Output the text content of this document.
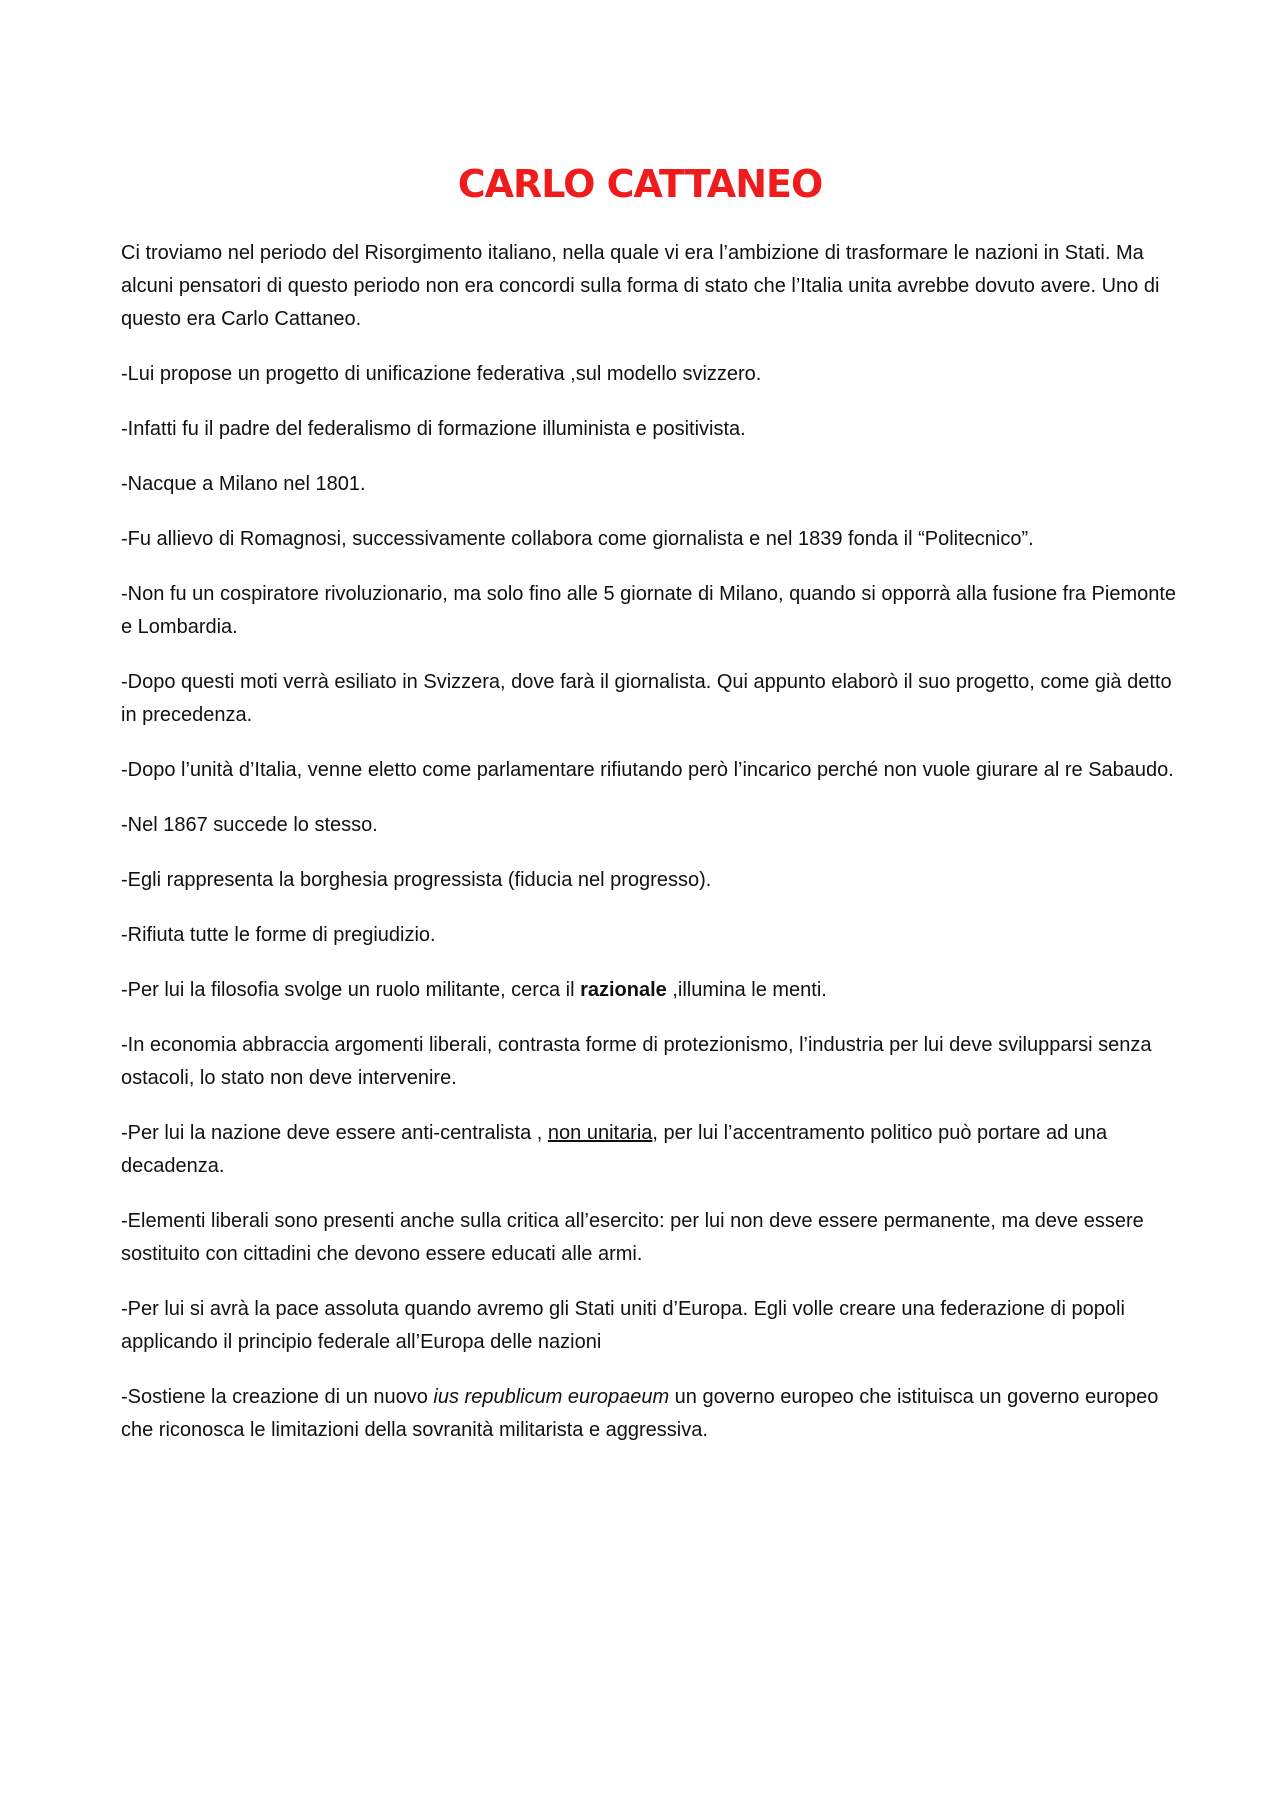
CARLO CATTANEO

Ci troviamo nel periodo del Risorgimento italiano, nella quale vi era l’ambizione di trasformare le nazioni in Stati. Ma alcuni pensatori di questo periodo non era concordi sulla forma di stato che l’Italia unita avrebbe dovuto avere. Uno di questo era Carlo Cattaneo.

-Lui propose un progetto di unificazione federativa ,sul modello svizzero.

-Infatti fu il padre del federalismo di formazione illuminista e positivista.

-Nacque a Milano nel 1801.

-Fu allievo di Romagnosi, successivamente collabora come giornalista e nel 1839 fonda il “Politecnico”.

-Non fu un cospiratore rivoluzionario, ma solo fino alle 5 giornate di Milano, quando si opporrà alla fusione fra Piemonte e Lombardia.

-Dopo questi moti verrà esiliato in Svizzera, dove farà il giornalista. Qui appunto elaborò il suo progetto, come già detto in precedenza.

-Dopo l’unità d’Italia, venne eletto come parlamentare rifiutando però l’incarico perché non vuole giurare al re Sabaudo.

-Nel 1867 succede lo stesso.

-Egli rappresenta la borghesia progressista (fiducia nel progresso).

-Rifiuta tutte le forme di pregiudizio.

-Per lui la filosofia svolge un ruolo militante, cerca il razionale ,illumina le menti.

-In economia abbraccia argomenti liberali, contrasta forme di protezionismo, l’industria per lui deve svilupparsi senza ostacoli, lo stato non deve intervenire.

-Per lui la nazione deve essere anti-centralista , non unitaria, per lui l’accentramento politico può portare ad una decadenza.

-Elementi liberali sono presenti anche sulla critica all’esercito: per lui non deve essere permanente, ma deve essere sostituito con cittadini che devono essere educati alle armi.

-Per lui si avrà la pace assoluta quando avremo gli Stati uniti d’Europa. Egli volle creare una federazione di popoli applicando il principio federale all’Europa delle nazioni

-Sostiene la creazione di un nuovo ius republicum europaeum un governo europeo che istituisca un governo europeo che riconosca le limitazioni della sovranità militarista e aggressiva.
